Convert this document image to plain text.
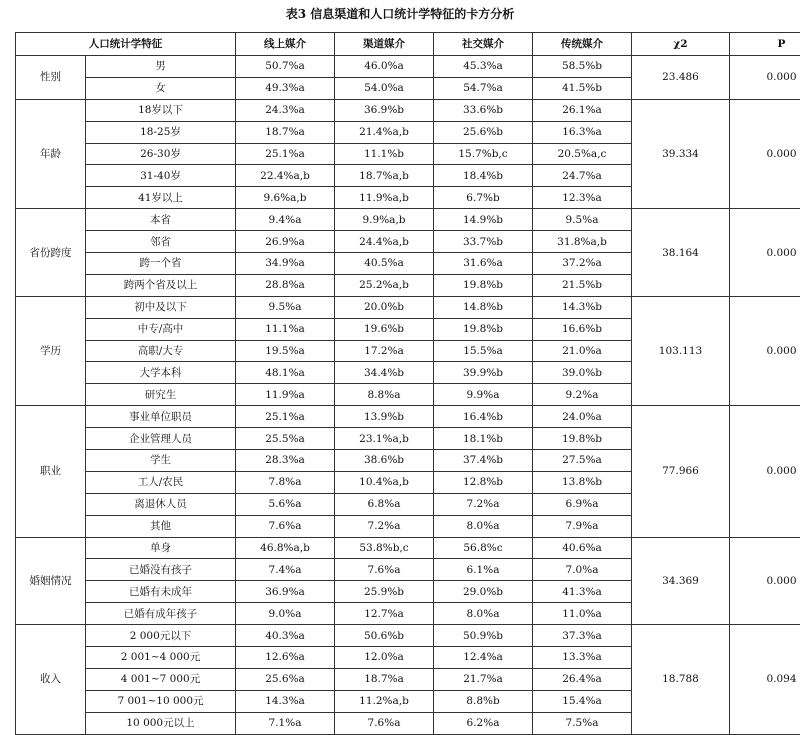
表3 信息渠道和人口统计学特征的卡方分析
人口统计学特征		线上媒介	渠道媒介	社交媒介	传统媒介	χ2	P
性别	男	50.7%a	46.0%a	45.3%a	58.5%b	23.486	0.000
	女	49.3%a	54.0%a	54.7%a	41.5%b		
年龄	18岁以下	24.3%a	36.9%b	33.6%b	26.1%a	39.334	0.000
	18-25岁	18.7%a	21.4%a,b	25.6%b	16.3%a		
	26-30岁	25.1%a	11.1%b	15.7%b,c	20.5%a,c		
	31-40岁	22.4%a,b	18.7%a,b	18.4%b	24.7%a		
	41岁以上	9.6%a,b	11.9%a,b	6.7%b	12.3%a		
省份跨度	本省	9.4%a	9.9%a,b	14.9%b	9.5%a	38.164	0.000
	邻省	26.9%a	24.4%a,b	33.7%b	31.8%a,b		
	跨一个省	34.9%a	40.5%a	31.6%a	37.2%a		
	跨两个省及以上	28.8%a	25.2%a,b	19.8%b	21.5%b		
学历	初中及以下	9.5%a	20.0%b	14.8%b	14.3%b	103.113	0.000
	中专/高中	11.1%a	19.6%b	19.8%b	16.6%b		
	高职/大专	19.5%a	17.2%a	15.5%a	21.0%a		
	大学本科	48.1%a	34.4%b	39.9%b	39.0%b		
	研究生	11.9%a	8.8%a	9.9%a	9.2%a		
职业	事业单位职员	25.1%a	13.9%b	16.4%b	24.0%a	77.966	0.000
	企业管理人员	25.5%a	23.1%a,b	18.1%b	19.8%b		
	学生	28.3%a	38.6%b	37.4%b	27.5%a		
	工人/农民	7.8%a	10.4%a,b	12.8%b	13.8%b		
	离退休人员	5.6%a	6.8%a	7.2%a	6.9%a		
	其他	7.6%a	7.2%a	8.0%a	7.9%a		
婚姻情况	单身	46.8%a,b	53.8%b,c	56.8%c	40.6%a	34.369	0.000
	已婚没有孩子	7.4%a	7.6%a	6.1%a	7.0%a		
	已婚有未成年	36.9%a	25.9%b	29.0%b	41.3%a		
	已婚有成年孩子	9.0%a	12.7%a	8.0%a	11.0%a		
收入	2 000元以下	40.3%a	50.6%b	50.9%b	37.3%a	18.788	0.094
	2 001~4 000元	12.6%a	12.0%a	12.4%a	13.3%a		
	4 001~7 000元	25.6%a	18.7%a	21.7%a	26.4%a		
	7 001~10 000元	14.3%a	11.2%a,b	8.8%b	15.4%a		
	10 000元以上	7.1%a	7.6%a	6.2%a	7.5%a		
